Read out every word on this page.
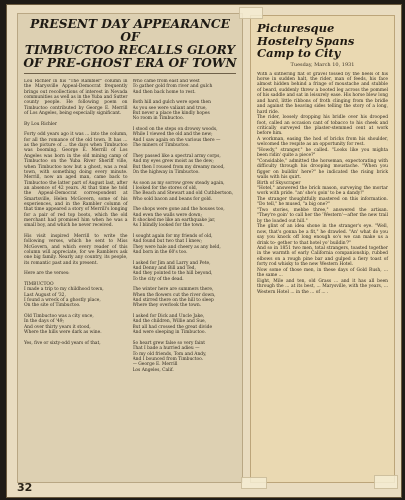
PRESENT DAY APPEARANCE OF
TIMBUCTOO RECALLS GLORY
OF PRE-GHOST ERA OF TOWN
Lou Richler in his "The Rambler" column in the Marysville Appeal-Democrat frequently brings out recollections of interest in Nevada communities as well as in the Yuba and Sutter county people. He following poem on Timbuctoo contributed by George E. Merrill of Los Angeles, being especially significant.

By Lou Richler

Forty odd years ago it was ... into the column, for all the romance of the old town. It has ... as the picture of ... the days when Timbuctoo was booming. George E. Merrill of Los Angeles was born in the old mining camp of Timbuctoo on the Yuba River Sheriff ville, when Timbuctoo now but a ghost, was a real town, with something doing every minute. Merrill, now an aged man, came back to Timbuctoo the latter part of August last, after an absence of 42 years. At that time he told the Appeal-Democrat correspondent at Smartsville, Helen McGovern, some of his experiences, and in the Rambler column of that time appeared a story of Merrill's longing for a pair of red top boots, which the old merchant had promised him when he was a small boy, and which he never received.

His visit inspired Merrill to write the following verses, which he sent to Miss McGovern, and which every reader of this column will appreciate, for we Ramblers ask one big family. Nearly any country, its people, its romantic past and its present.

Here are the verses:

TIMBUCTOO
I made a trip to my childhood town,
Last August of '32,
I found a wreck of a ghostly place,
On the site of Timbuctoo.

Old Timbuctoo was a city once,
In the days of '49;
And over thirty years it stood,
Where the hills were dark as wine.

Yes, five or sixty-odd years of that,
Who came from east and west
To gather gold from river and gulch
And then back home to rest.

Both hill and gulch were open then
As you see were valiant and true,
But never a place the kindly hopes
No room in Timbuctoo.

I stood on the steps on drowsy woods,
While I viewed the old and the new;
And I saw again on the various there —
The miners of Timbuctoo.

They passed like a spectral army corps,
And my eyes grew moist as the dew;
But then I roused from my dreamy mood,
On the highway in Timbuctoo.

As soon as my sorrow grew steady again,
I looked for the stores of old,
The Beach and Stewart and old Cuthbertson,
Who sold bacon and beans for gold.

The shops were gone and the houses too,
And even the walls were down;
It shocked me like an earthquake jar,
As I blindly looked for the town.

I sought again for my friends of old,
And found but two that I knew;
They were hale and cheery as any held,
And born in the 60's too.

I asked for Jim and Larry and Pete,
And Denny and Bill and Ted,
And they pointed to the hill beyond,
To the city of the dead.

The winter here are summers there,
When the flowers cut the river down,
And stirred there on the hill to sleep
Where they overlook the town.

I asked for Dick and Uncle Jake,
And the children, Willie and Sue,
But all had crossed the great divide
And were sleeping in Timbuctoo.

So heart grew false so very faint
That I bade a hurried adieu —
To my old friends, Tom and Andy,
And I bounced from Timbuctoo.
— George E. Merrill
Los Angeles, Calif.
Picturesque
Hostelry Spans
Camp to City
Tuesday, March 10, 1931
With a slithering flat of gravel tossed by the heels of his horse in sudden halt, the rider, man of feeds, his face almost hidden behind a fringe of moustache and stubble of beard, suddenly threw a booted leg across the pommel of his saddle and sat in leisurely ease. His horse blew long and hard, little ribbons of froth clinging from the bridle and against the heaving sides telling the story of a long, hard ride.
The rider, loosely dropping his bridle over his drooped foot, called an occasion cant of tobacco to his cheek and critically surveyed the plaster-stemmed cent at work before him.
A workman, easing the hod of bricks from his shoulder, welcomed the respite as an opportunity for rest.
"Howdy," stranger," he called. "Looks like you mighta been ridin' quite a piece?"
"Considable," admitted the horseman, expectorating with difficulty through his drooping moustache. "When you figger on buildin' here?" he indicated the rising brick walls with his quirt.
Birth of Skyscraper
"Hotel," answered the brick mason, surveying the mortar work with pride. "an' she's goin' to be a dandy!"
The stranger thoughtfully mastered on this information. "Do tell," he mused, "a big one?"
"Two stories, mebbe three," answered the artisan. "They're goin' to call her the 'Western'—after the new trail by the loaded out hill."
The glint of an idea shone in the stranger's eye. "Well, now, that's gonna be a fit," he drawled. "An' what do you say you knock off long enough so's we can make us a drink to- gether to that hotel yo' buildin'?"
And so in 1851 two men, total strangers, toasted together in the warmth of early California companionship, rubbed elbows on a rough pine bar and gulped a fiery toast of forty rod whisky to the new Western Hotel.
Now some of those men, in these days of Gold Rush, ... the same ...
Eight, Mile and ten, old Grass ... and it has all been through the ... at its best, ... Marysville, with the years, ... Western Hotel ... in the ... of ... .
32
